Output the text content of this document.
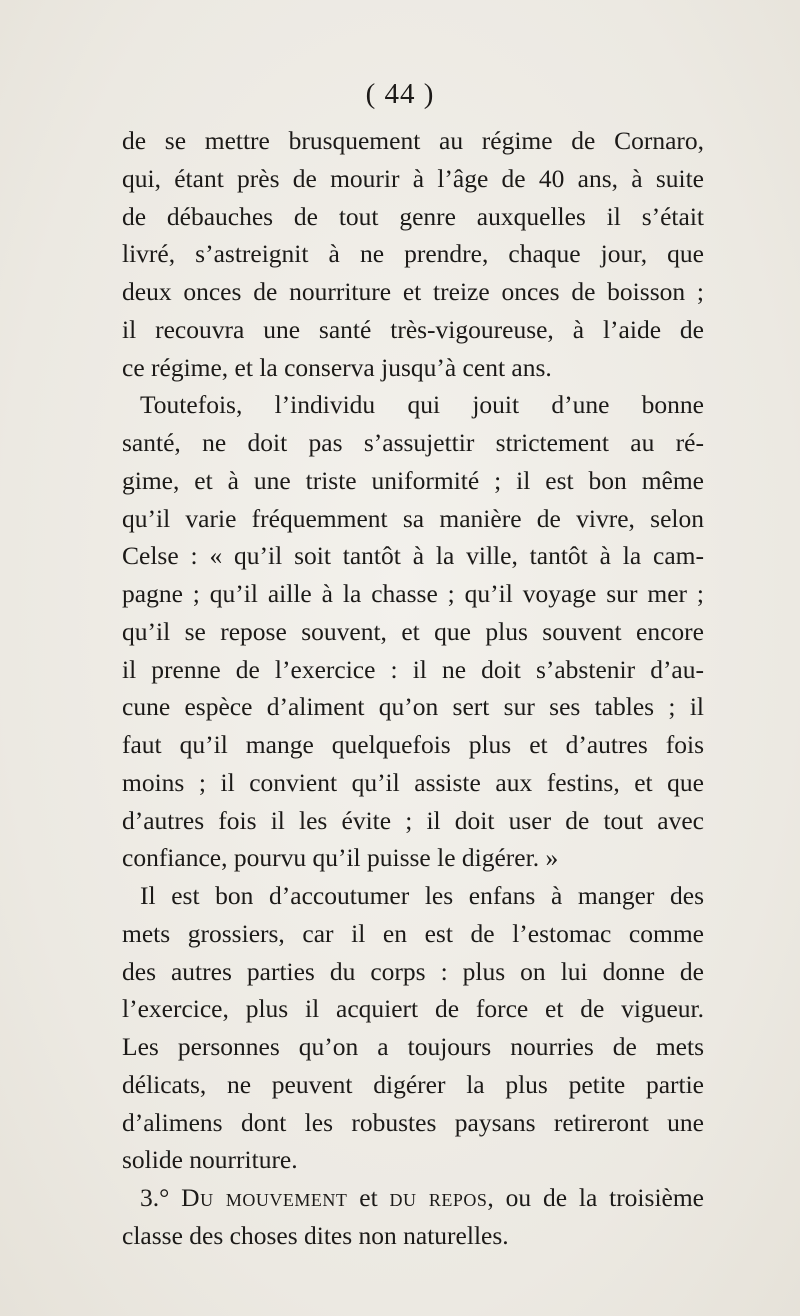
( 44 )
de se mettre brusquement au régime de Cornaro,
qui, étant près de mourir à l’âge de 40 ans, à suite
de débauches de tout genre auxquelles il s’était
livré, s’astreignit à ne prendre, chaque jour, que
deux onces de nourriture et treize onces de boisson ;
il recouvra une santé très-vigoureuse, à l’aide de
ce régime, et la conserva jusqu’à cent ans.
Toutefois, l’individu qui jouit d’une bonne
santé, ne doit pas s’assujettir strictement au ré-
gime, et à une triste uniformité ; il est bon même
qu’il varie fréquemment sa manière de vivre, selon
Celse : « qu’il soit tantôt à la ville, tantôt à la cam-
pagne ; qu’il aille à la chasse ; qu’il voyage sur mer ;
qu’il se repose souvent, et que plus souvent encore
il prenne de l’exercice : il ne doit s’abstenir d’au-
cune espèce d’aliment qu’on sert sur ses tables ; il
faut qu’il mange quelquefois plus et d’autres fois
moins ; il convient qu’il assiste aux festins, et que
d’autres fois il les évite ; il doit user de tout avec
confiance, pourvu qu’il puisse le digérer. »
Il est bon d’accoutumer les enfans à manger des
mets grossiers, car il en est de l’estomac comme
des autres parties du corps : plus on lui donne de
l’exercice, plus il acquiert de force et de vigueur.
Les personnes qu’on a toujours nourries de mets
délicats, ne peuvent digérer la plus petite partie
d’alimens dont les robustes paysans retireront une
solide nourriture.
3.° Du mouvement et du repos, ou de la troisième
classe des choses dites non naturelles.
